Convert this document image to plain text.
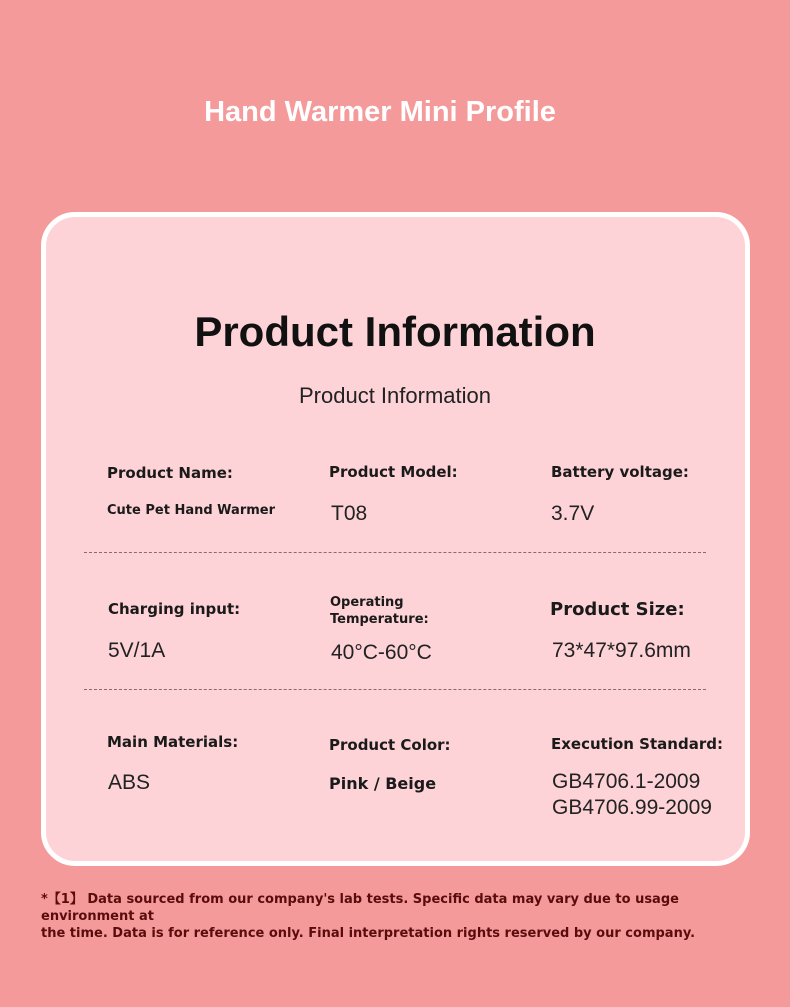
Hand Warmer Mini Profile
Product Information
Product Information
Product Name:
Cute Pet Hand Warmer
Product Model:
T08
Battery voltage:
3.7V
Charging input:
5V/1A
Operating
Temperature:
40°C-60°C
Product Size:
73*47*97.6mm
Main Materials:
ABS
Product Color:
Pink / Beige
Execution Standard:
GB4706.1-2009
GB4706.99-2009
*【1】 Data sourced from our company's lab tests. Specific data may vary due to usage environment at
the time. Data is for reference only. Final interpretation rights reserved by our company.
